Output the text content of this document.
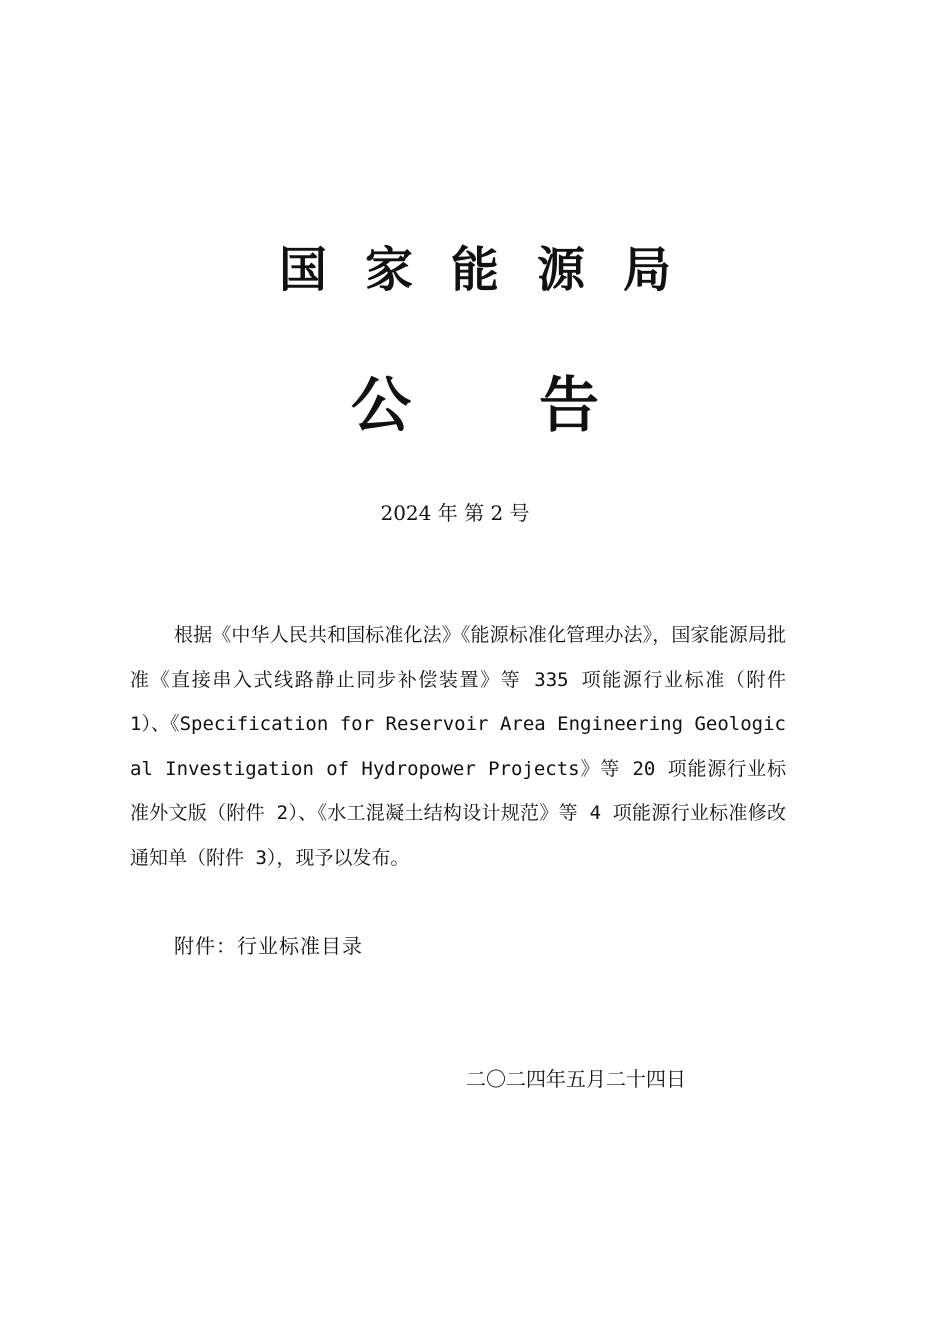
国家能源局
公告
2024 年 第 2 号
根据《中华人民共和国标准化法》《能源标准化管理办法》，国家能源局批准《直接串入式线路静止同步补偿装置》等 335 项能源行业标准（附件 1）、《Specification for Reservoir Area Engineering Geological Investigation of Hydropower Projects》等 20 项能源行业标准外文版（附件 2）、《水工混凝土结构设计规范》等 4 项能源行业标准修改通知单（附件 3），现予以发布。
附件：行业标准目录
二〇二四年五月二十四日
